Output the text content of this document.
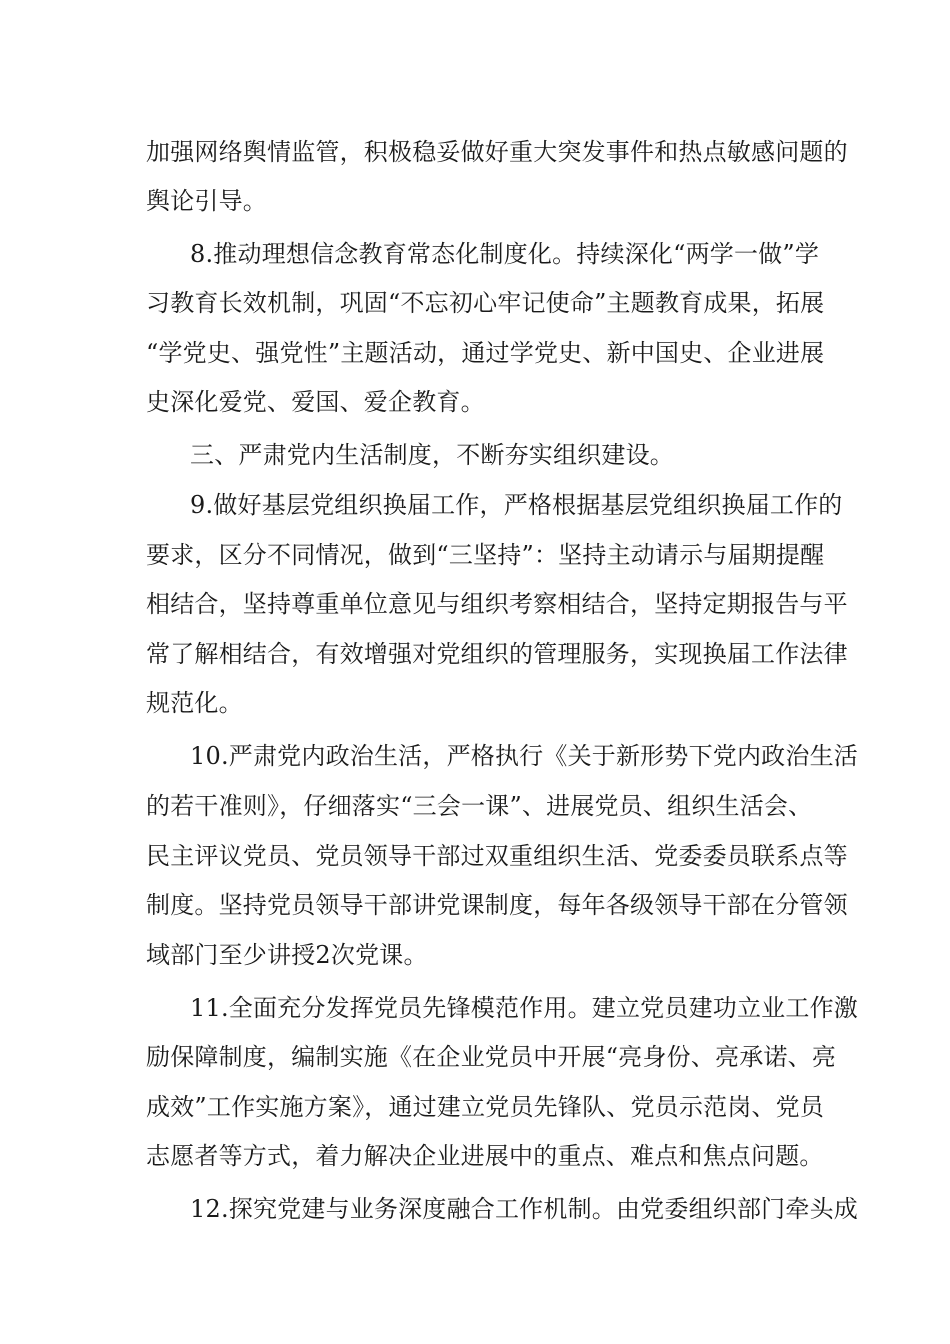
加强网络舆情监管，积极稳妥做好重大突发事件和热点敏感问题的
舆论引导。
8.推动理想信念教育常态化制度化。持续深化“两学一做”学
习教育长效机制，巩固“不忘初心牢记使命”主题教育成果，拓展
“学党史、强党性”主题活动，通过学党史、新中国史、企业进展
史深化爱党、爱国、爱企教育。
三、严肃党内生活制度，不断夯实组织建设。
9.做好基层党组织换届工作，严格根据基层党组织换届工作的
要求，区分不同情况，做到“三坚持”：坚持主动请示与届期提醒
相结合，坚持尊重单位意见与组织考察相结合，坚持定期报告与平
常了解相结合，有效增强对党组织的管理服务，实现换届工作法律
规范化。
10.严肃党内政治生活，严格执行《关于新形势下党内政治生活
的若干准则》，仔细落实“三会一课”、进展党员、组织生活会、
民主评议党员、党员领导干部过双重组织生活、党委委员联系点等
制度。坚持党员领导干部讲党课制度，每年各级领导干部在分管领
域部门至少讲授2次党课。
11.全面充分发挥党员先锋模范作用。建立党员建功立业工作激
励保障制度，编制实施《在企业党员中开展“亮身份、亮承诺、亮
成效”工作实施方案》，通过建立党员先锋队、党员示范岗、党员
志愿者等方式，着力解决企业进展中的重点、难点和焦点问题。
12.探究党建与业务深度融合工作机制。由党委组织部门牵头成
